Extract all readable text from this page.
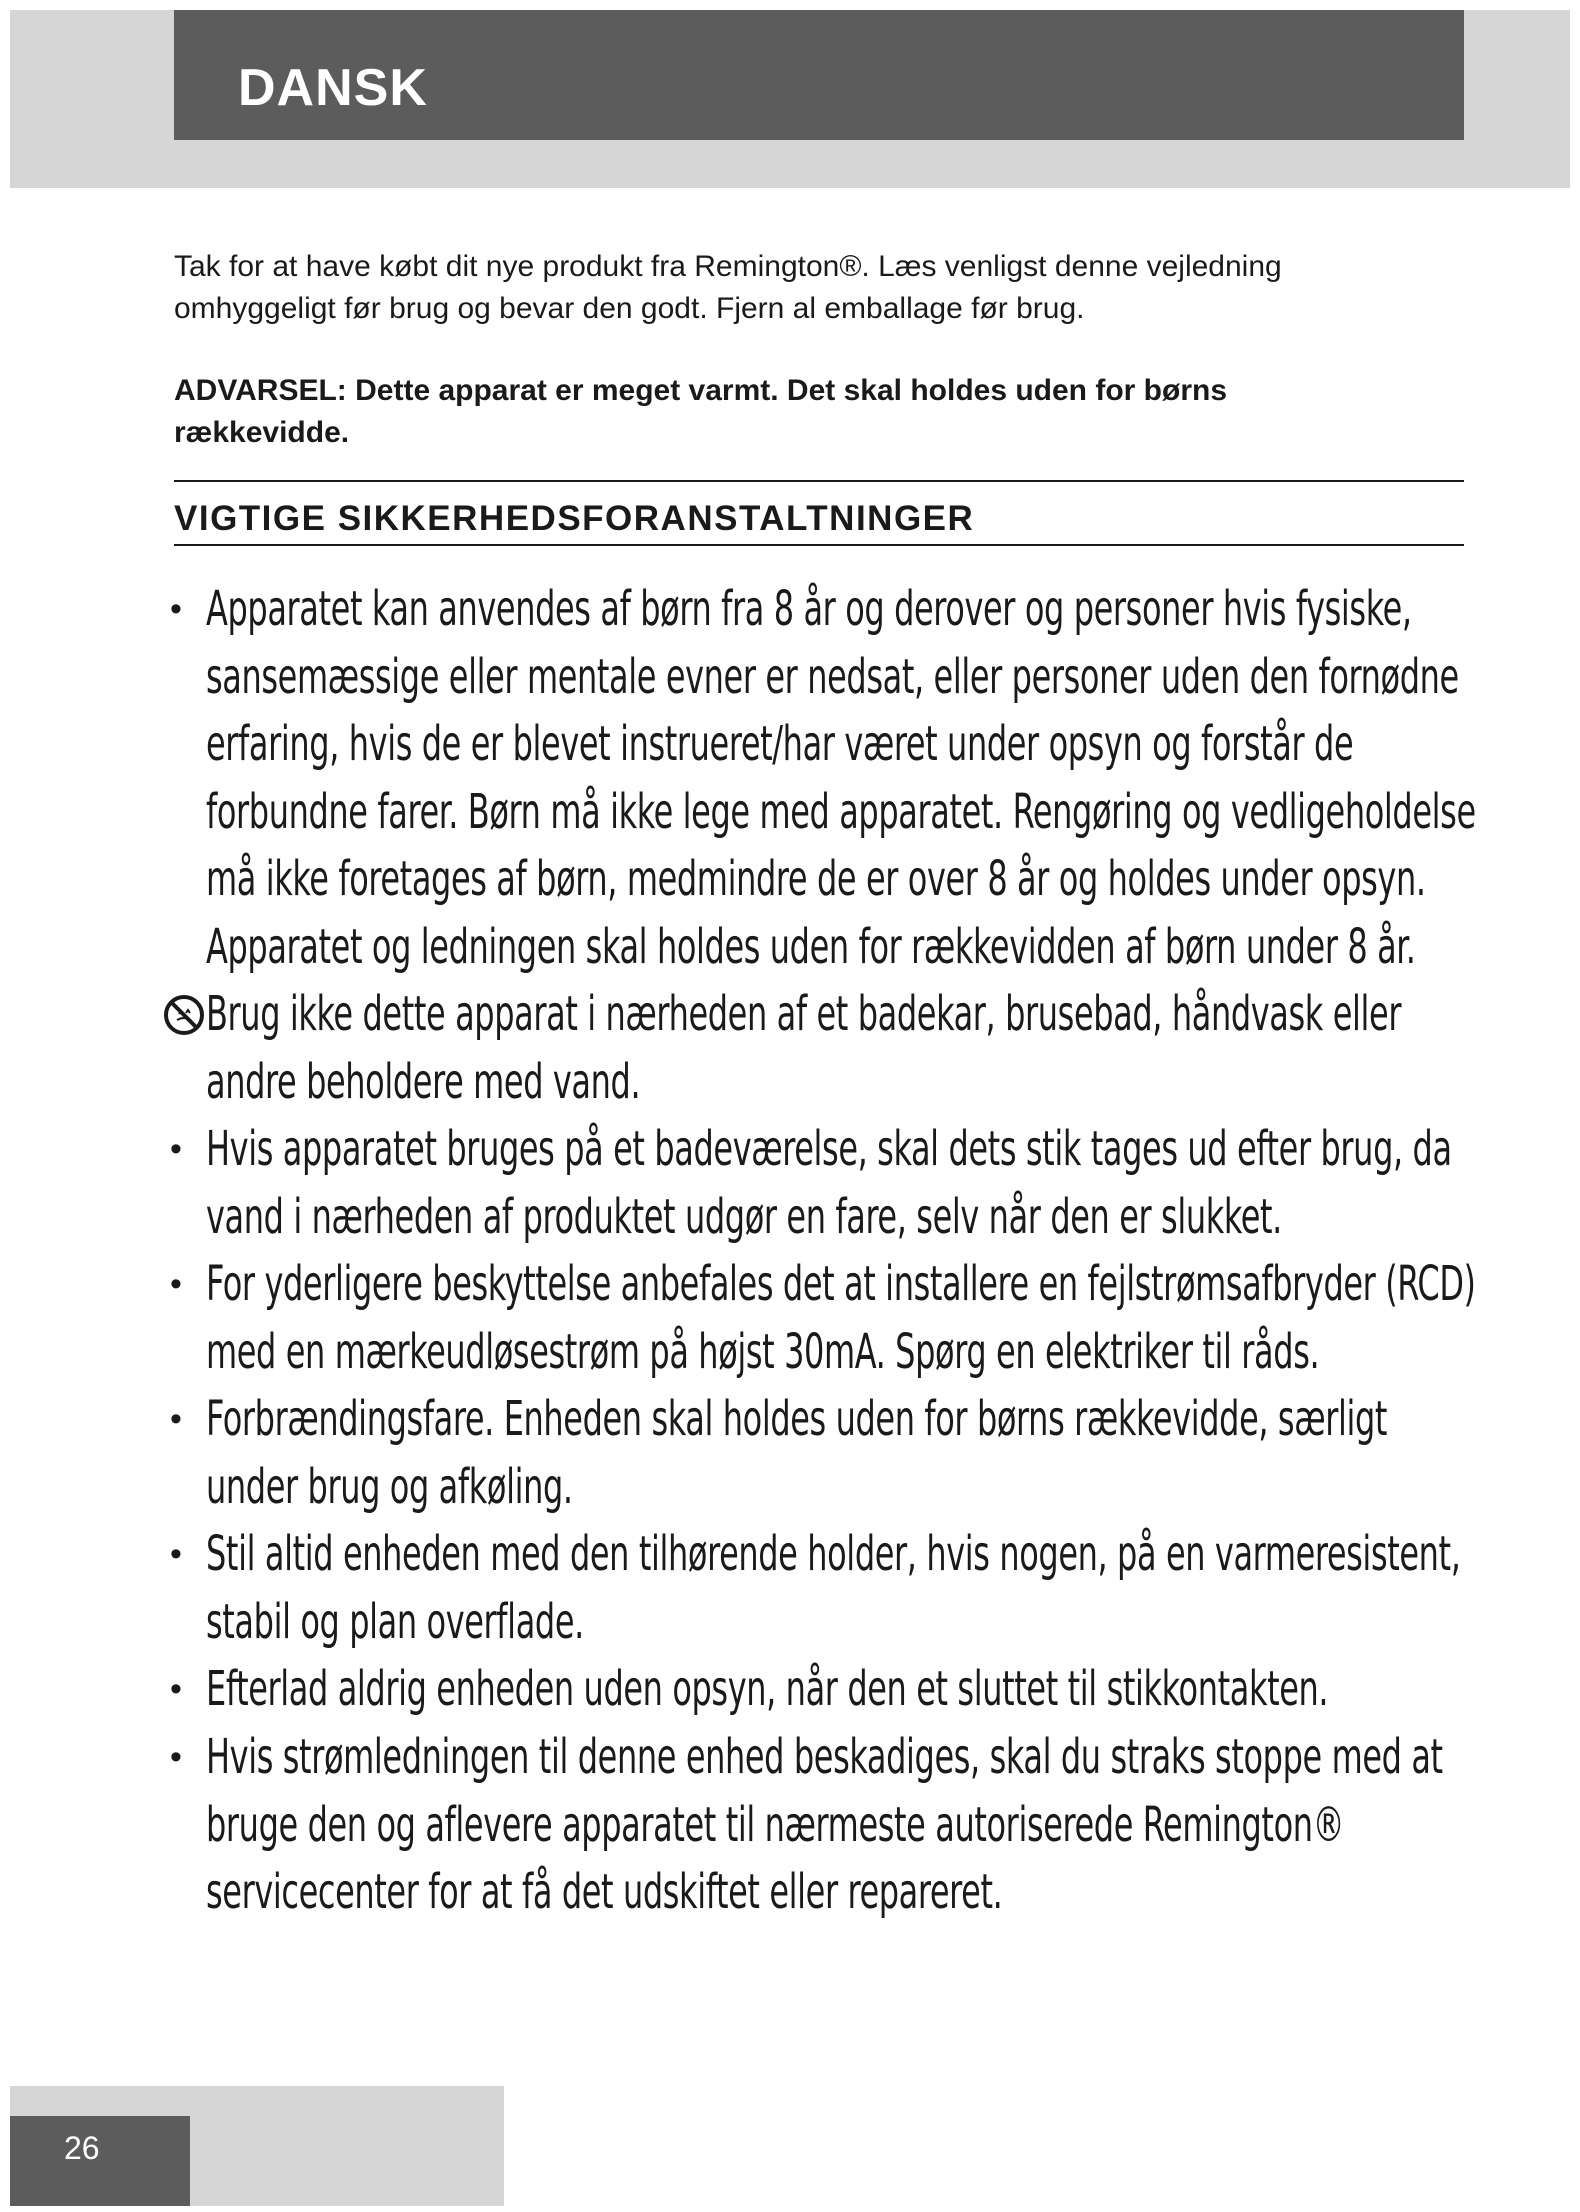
DANSK

Tak for at have købt dit nye produkt fra Remington®. Læs venligst denne vejledning omhyggeligt før brug og bevar den godt. Fjern al emballage før brug.

ADVARSEL: Dette apparat er meget varmt. Det skal holdes uden for børns rækkevidde.

VIGTIGE SIKKERHEDSFORANSTALTNINGER
• Apparatet kan anvendes af børn fra 8 år og derover og personer hvis fysiske, sansemæssige eller mentale evner er nedsat, eller personer uden den fornødne erfaring, hvis de er blevet instrueret/har været under opsyn og forstår de forbundne farer. Børn må ikke lege med apparatet. Rengøring og vedligeholdelse må ikke foretages af børn, medmindre de er over 8 år og holdes under opsyn. Apparatet og ledningen skal holdes uden for rækkevidden af børn under 8 år.
Brug ikke dette apparat i nærheden af et badekar, brusebad, håndvask eller andre beholdere med vand.
• Hvis apparatet bruges på et badeværelse, skal dets stik tages ud efter brug, da vand i nærheden af produktet udgør en fare, selv når den er slukket.
• For yderligere beskyttelse anbefales det at installere en fejlstrømsafbryder (RCD) med en mærkeudløsestrøm på højst 30mA. Spørg en elektriker til råds.
• Forbrændingsfare. Enheden skal holdes uden for børns rækkevidde, særligt under brug og afkøling.
• Stil altid enheden med den tilhørende holder, hvis nogen, på en varmeresistent, stabil og plan overflade.
• Efterlad aldrig enheden uden opsyn, når den et sluttet til stikkontakten.
• Hvis strømledningen til denne enhed beskadiges, skal du straks stoppe med at bruge den og aflevere apparatet til nærmeste autoriserede Remington® servicecenter for at få det udskiftet eller repareret.

26
